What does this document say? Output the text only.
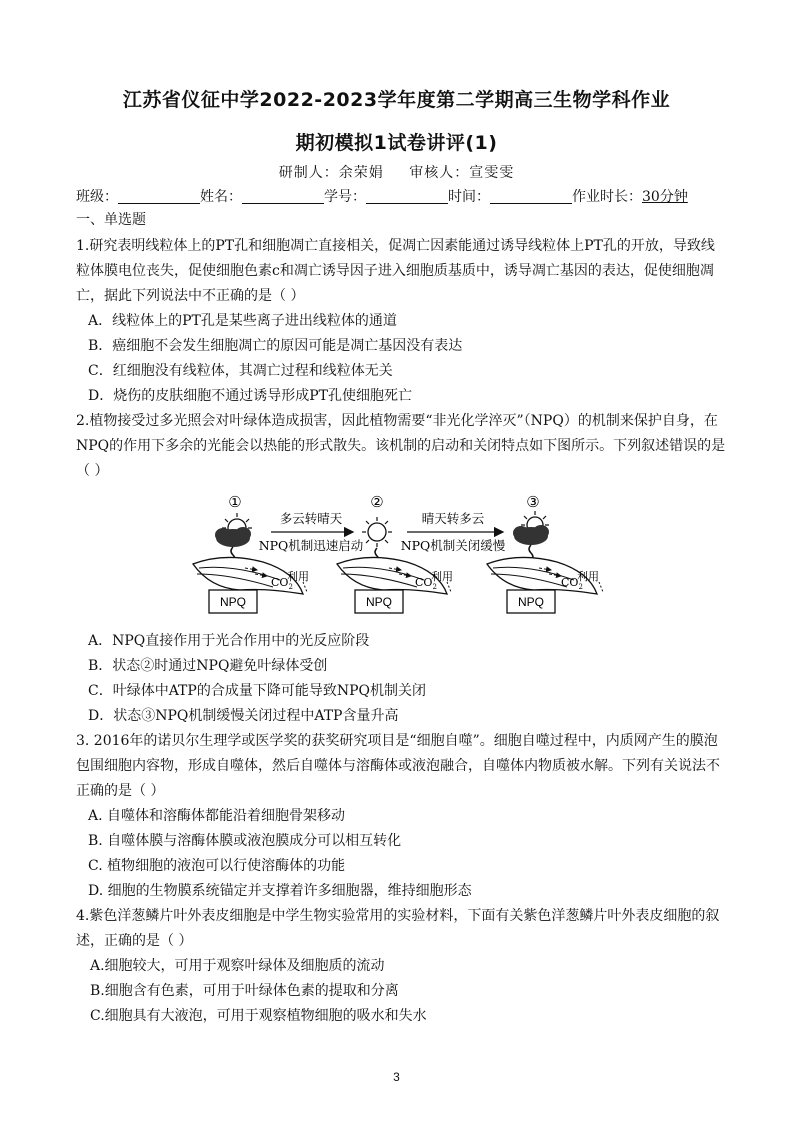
江苏省仪征中学2022-2023学年度第二学期高三生物学科作业
期初模拟1试卷讲评(1)
研制人：余荣娟 审核人：宣雯雯
班级：	姓名：	学号：	时间：	作业时长：30分钟
一、单选题
1.研究表明线粒体上的PT孔和细胞凋亡直接相关，促凋亡因素能通过诱导线粒体上PT孔的开放，导致线
粒体膜电位丧失，促使细胞色素c和凋亡诱导因子进入细胞质基质中，诱导凋亡基因的表达，促使细胞凋
亡，据此下列说法中不正确的是（ ）
A．线粒体上的PT孔是某些离子进出线粒体的通道
B．癌细胞不会发生细胞凋亡的原因可能是凋亡基因没有表达
C．红细胞没有线粒体，其凋亡过程和线粒体无关
D．烧伤的皮肤细胞不通过诱导形成PT孔使细胞死亡
2.植物接受过多光照会对叶绿体造成损害，因此植物需要“非光化学淬灭”（NPQ）的机制来保护自身，在
NPQ的作用下多余的光能会以热能的形式散失。该机制的启动和关闭特点如下图所示。下列叙述错误的是
（ ）
①	②	③
多云转晴天
NPQ机制迅速启动
晴天转多云
NPQ机制关闭缓慢
NPQ
$CO_2$
利用
NPQ
$CO_2$
利用
NPQ
$CO_2$
利用
A．NPQ直接作用于光合作用中的光反应阶段
B．状态②时通过NPQ避免叶绿体受创
C．叶绿体中ATP的合成量下降可能导致NPQ机制关闭
D．状态③NPQ机制缓慢关闭过程中ATP含量升高
3. 2016年的诺贝尔生理学或医学奖的获奖研究项目是“细胞自噬”。细胞自噬过程中，内质网产生的膜泡
包围细胞内容物，形成自噬体，然后自噬体与溶酶体或液泡融合，自噬体内物质被水解。下列有关说法不
正确的是（ ）
A. 自噬体和溶酶体都能沿着细胞骨架移动
B. 自噬体膜与溶酶体膜或液泡膜成分可以相互转化
C. 植物细胞的液泡可以行使溶酶体的功能
D. 细胞的生物膜系统锚定并支撑着许多细胞器，维持细胞形态
4.紫色洋葱鳞片叶外表皮细胞是中学生物实验常用的实验材料，下面有关紫色洋葱鳞片叶外表皮细胞的叙
述，正确的是（ ）
A.细胞较大，可用于观察叶绿体及细胞质的流动
B.细胞含有色素，可用于叶绿体色素的提取和分离
C.细胞具有大液泡，可用于观察植物细胞的吸水和失水
3
